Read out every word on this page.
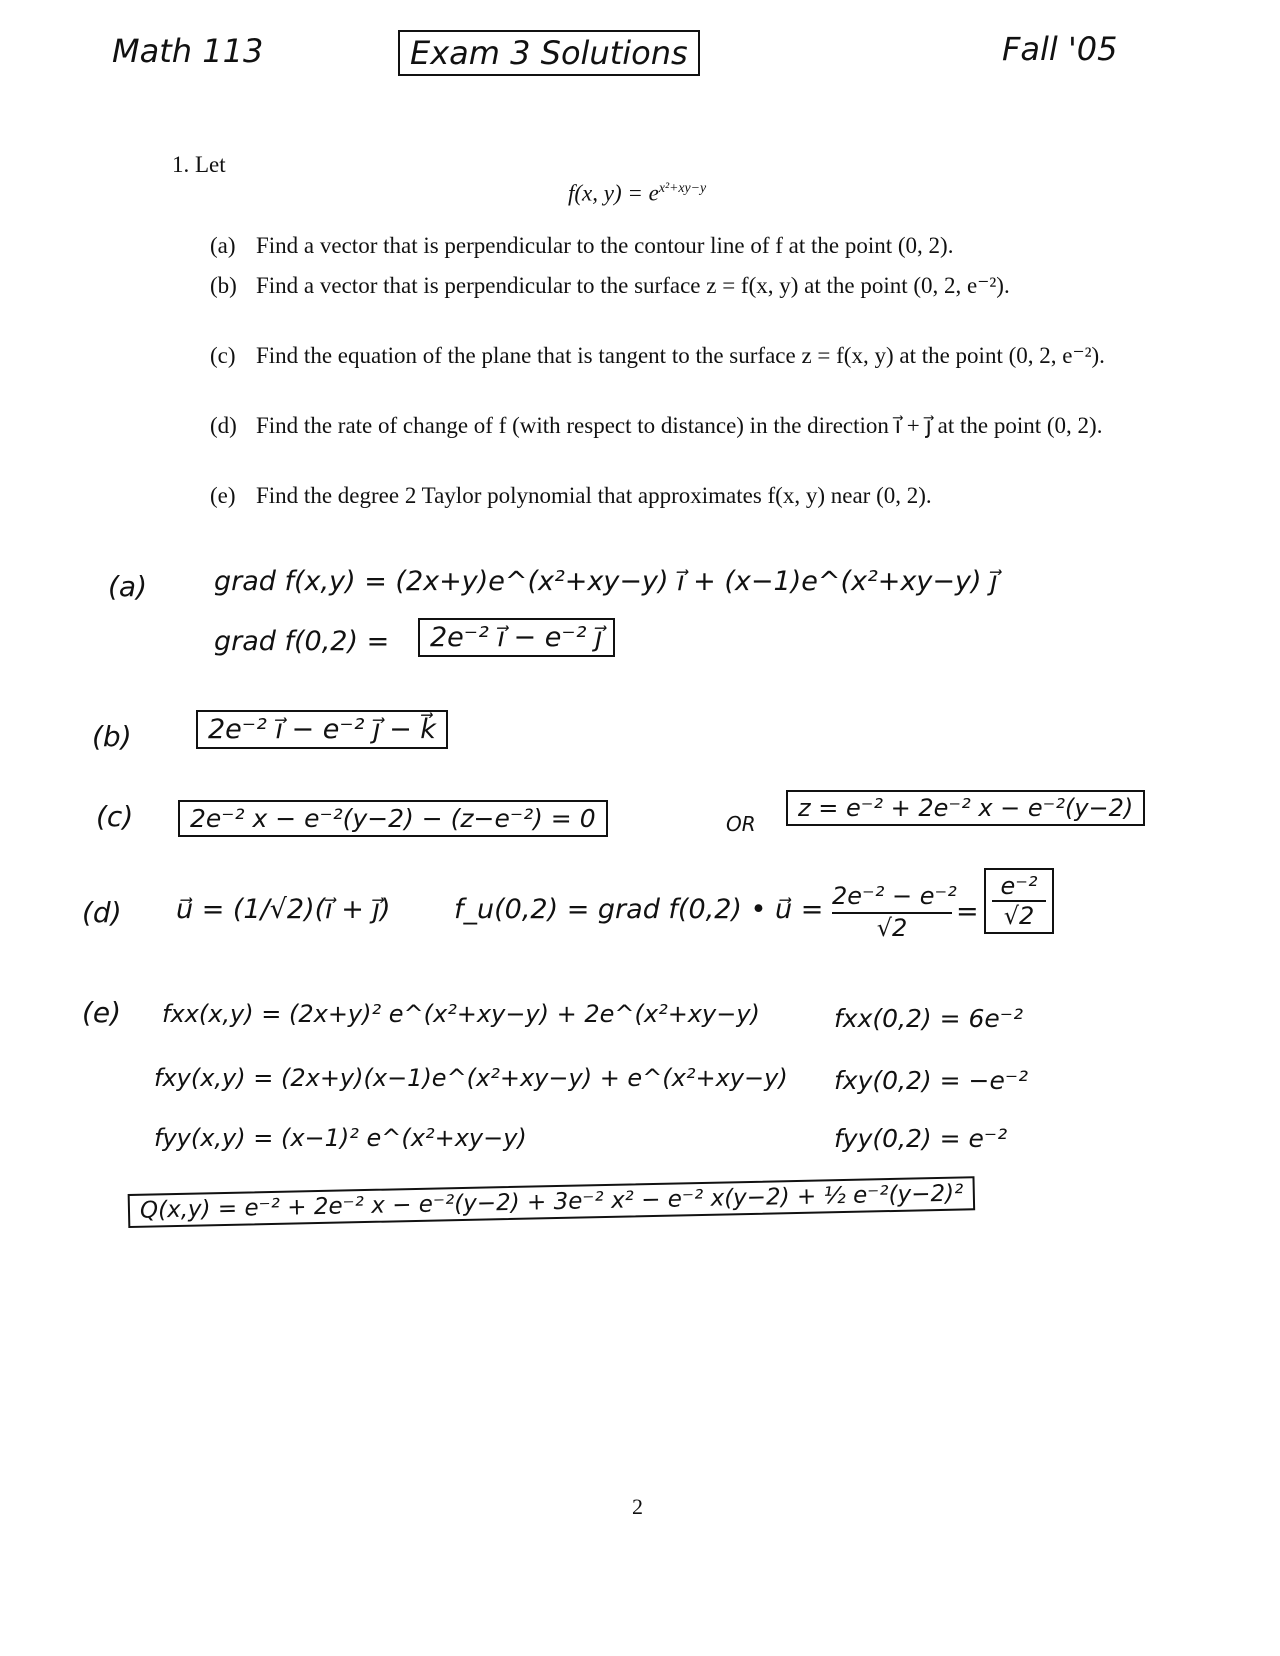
Math 113	Exam 3 Solutions	Fall '05
1. Let
f(x, $y) = e^{x^2+xy-y}$
(a) Find a vector that is perpendicular to the contour line of f at the point (0, 2).
(b) Find a vector that is perpendicular to the surface z = f(x, y) at the point (0, 2, e⁻²).
(c) Find the equation of the plane that is tangent to the surface z = f(x, y) at the point (0, 2, e⁻²).
(d) Find the rate of change of f (with respect to distance) in the direction i⃗ + j⃗ at the point (0, 2).
(e) Find the degree 2 Taylor polynomial that approximates f(x, y) near (0, 2).
(a) grad f(x,y) = (2x+y)e^(x²+xy−y) i⃗ + (x−1)e^(x²+xy−y) j⃗
grad f(0,2) =	2e⁻² i⃗ − e⁻² j⃗
(b)	2e⁻² i⃗ − e⁻² j⃗ − k⃗
(c)	2e⁻² x − e⁻²(y−2) − (z−e⁻²) = 0	OR
z = e⁻² + 2e⁻² x − e⁻²(y−2)
(d) u⃗ = (1/√2)(i⃗ + j⃗) f_u(0,2) = grad f(0,2) • u⃗ = $\frac{\text{2e⁻² − e⁻²}}{√2} = \frac{\text{e⁻²}}{√2}$
(e) fxx(x,y) = (2x+y)² e^(x²+xy−y) + 2e^(x²+xy−y)
fxy(x,y) = (2x+y)(x−1)e^(x²+xy−y) + e^(x²+xy−y)
fyy(x,y) = (x−1)² e^(x²+xy−y)
fxx(0,2) = 6e⁻²
fxy(0,2) = −e⁻²
fyy(0,2) = e⁻²
Q(x,y) = e⁻² + 2e⁻² x − e⁻²(y−2) + 3e⁻² x² − e⁻² x(y−2) + ½ e⁻²(y−2)²
2
